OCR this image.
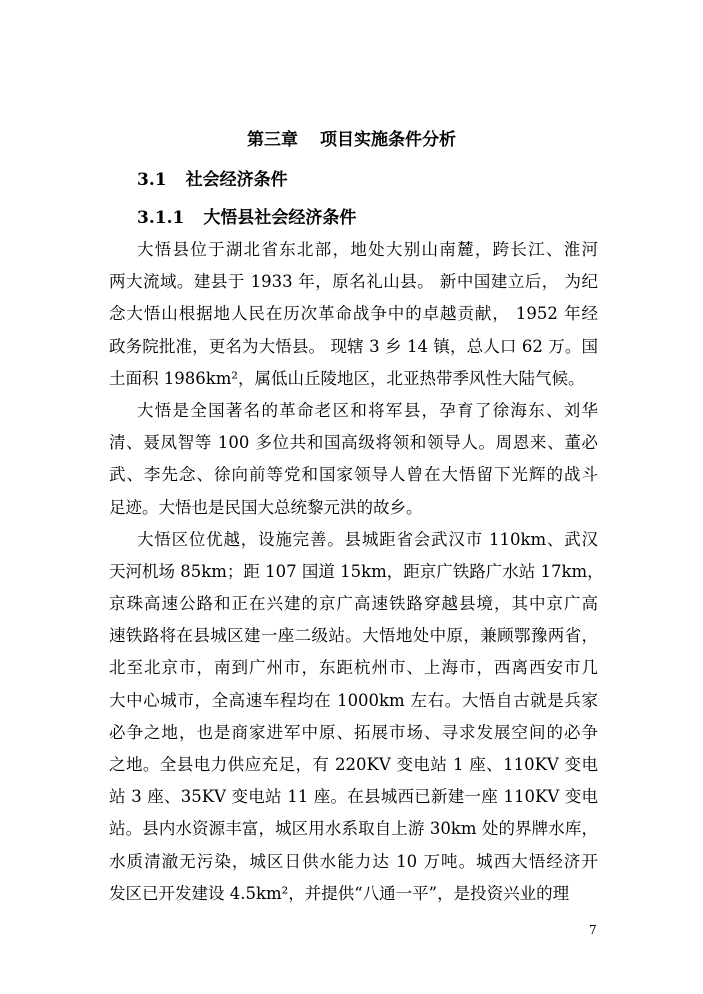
第三章 项目实施条件分析
3.1 社会经济条件
3.1.1 大悟县社会经济条件
大悟县位于湖北省东北部，地处大别山南麓，跨长江、淮河
两大流域。建县于 1933 年，原名礼山县。 新中国建立后， 为纪
念大悟山根据地人民在历次革命战争中的卓越贡献， 1952 年经
政务院批准，更名为大悟县。 现辖 3 乡 14 镇，总人口 62 万。国
土面积 1986km²，属低山丘陵地区，北亚热带季风性大陆气候。
大悟是全国著名的革命老区和将军县，孕育了徐海东、刘华
清、聂凤智等 100 多位共和国高级将领和领导人。周恩来、董必
武、李先念、徐向前等党和国家领导人曾在大悟留下光辉的战斗
足迹。大悟也是民国大总统黎元洪的故乡。
大悟区位优越，设施完善。县城距省会武汉市 110km、武汉
天河机场 85km；距 107 国道 15km，距京广铁路广水站 17km，
京珠高速公路和正在兴建的京广高速铁路穿越县境，其中京广高
速铁路将在县城区建一座二级站。大悟地处中原，兼顾鄂豫两省，
北至北京市，南到广州市，东距杭州市、上海市，西离西安市几
大中心城市，全高速车程均在 1000km 左右。大悟自古就是兵家
必争之地，也是商家进军中原、拓展市场、寻求发展空间的必争
之地。全县电力供应充足，有 220KV 变电站 1 座、110KV 变电
站 3 座、35KV 变电站 11 座。在县城西已新建一座 110KV 变电
站。县内水资源丰富，城区用水系取自上游 30km 处的界牌水库，
水质清澈无污染，城区日供水能力达 10 万吨。城西大悟经济开
发区已开发建设 4.5km²，并提供“八通一平”，是投资兴业的理
7
